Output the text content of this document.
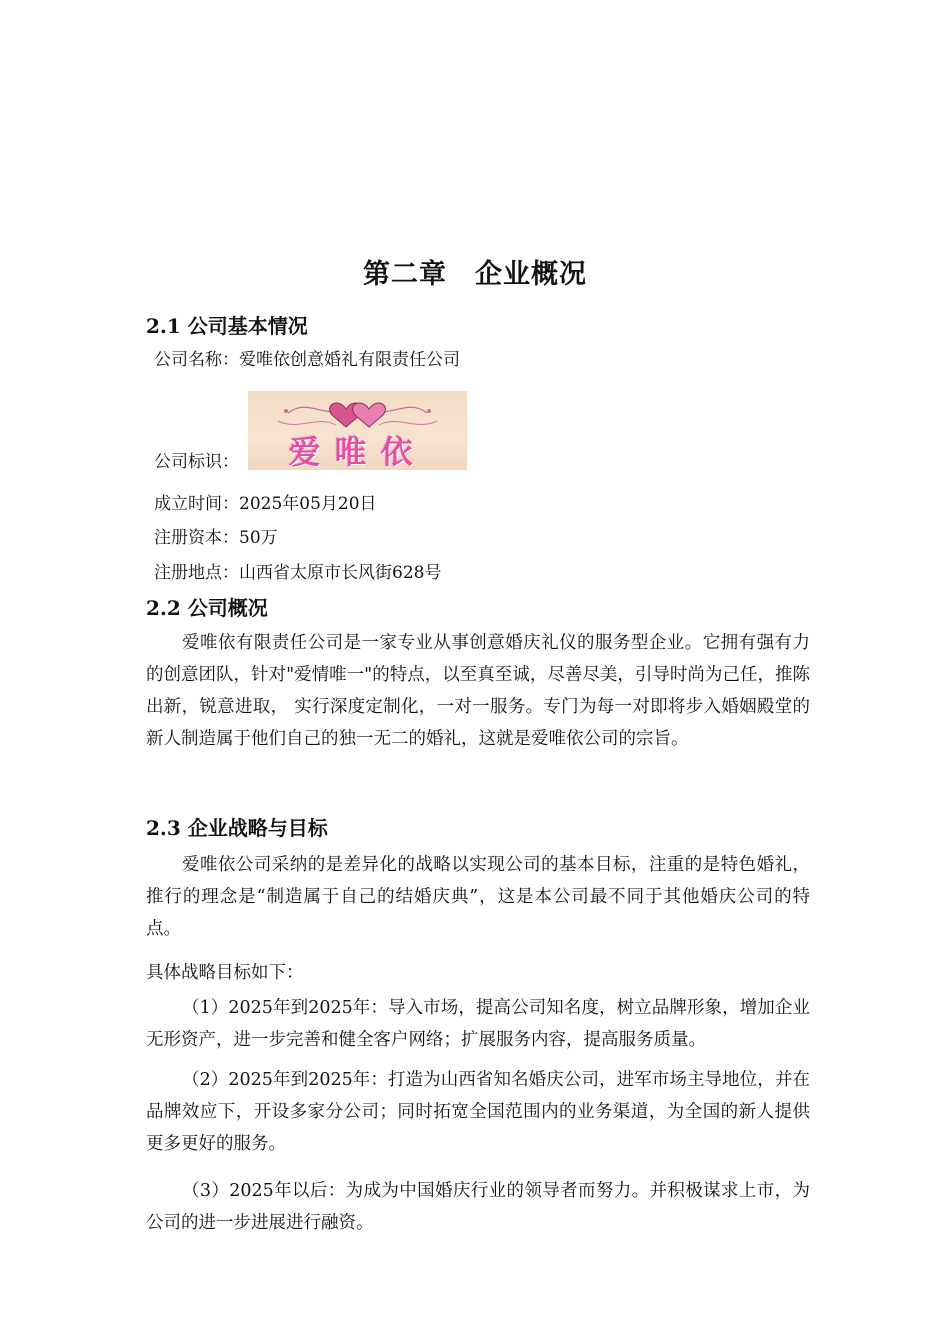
第二章 企业概况
2.1 公司基本情况

公司名称：爱唯依创意婚礼有限责任公司

爱唯依

公司标识：

成立时间：2025年05月20日

注册资本：50万

注册地点：山西省太原市长风街628号

2.2 公司概况

爱唯依有限责任公司是一家专业从事创意婚庆礼仪的服务型企业。它拥有强有力的创意团队，针对"爱情唯一"的特点，以至真至诚，尽善尽美，引导时尚为己任，推陈出新，锐意进取， 实行深度定制化，一对一服务。专门为每一对即将步入婚姻殿堂的新人制造属于他们自己的独一无二的婚礼，这就是爱唯依公司的宗旨。

2.3 企业战略与目标

爱唯依公司采纳的是差异化的战略以实现公司的基本目标，注重的是特色婚礼，推行的理念是“制造属于自己的结婚庆典”，这是本公司最不同于其他婚庆公司的特点。

具体战略目标如下：

（1）2025年到2025年：导入市场，提高公司知名度，树立品牌形象，增加企业无形资产，进一步完善和健全客户网络；扩展服务内容，提高服务质量。

（2）2025年到2025年：打造为山西省知名婚庆公司，进军市场主导地位，并在品牌效应下，开设多家分公司；同时拓宽全国范围内的业务渠道，为全国的新人提供更多更好的服务。

（3）2025年以后：为成为中国婚庆行业的领导者而努力。并积极谋求上市，为公司的进一步进展进行融资。
